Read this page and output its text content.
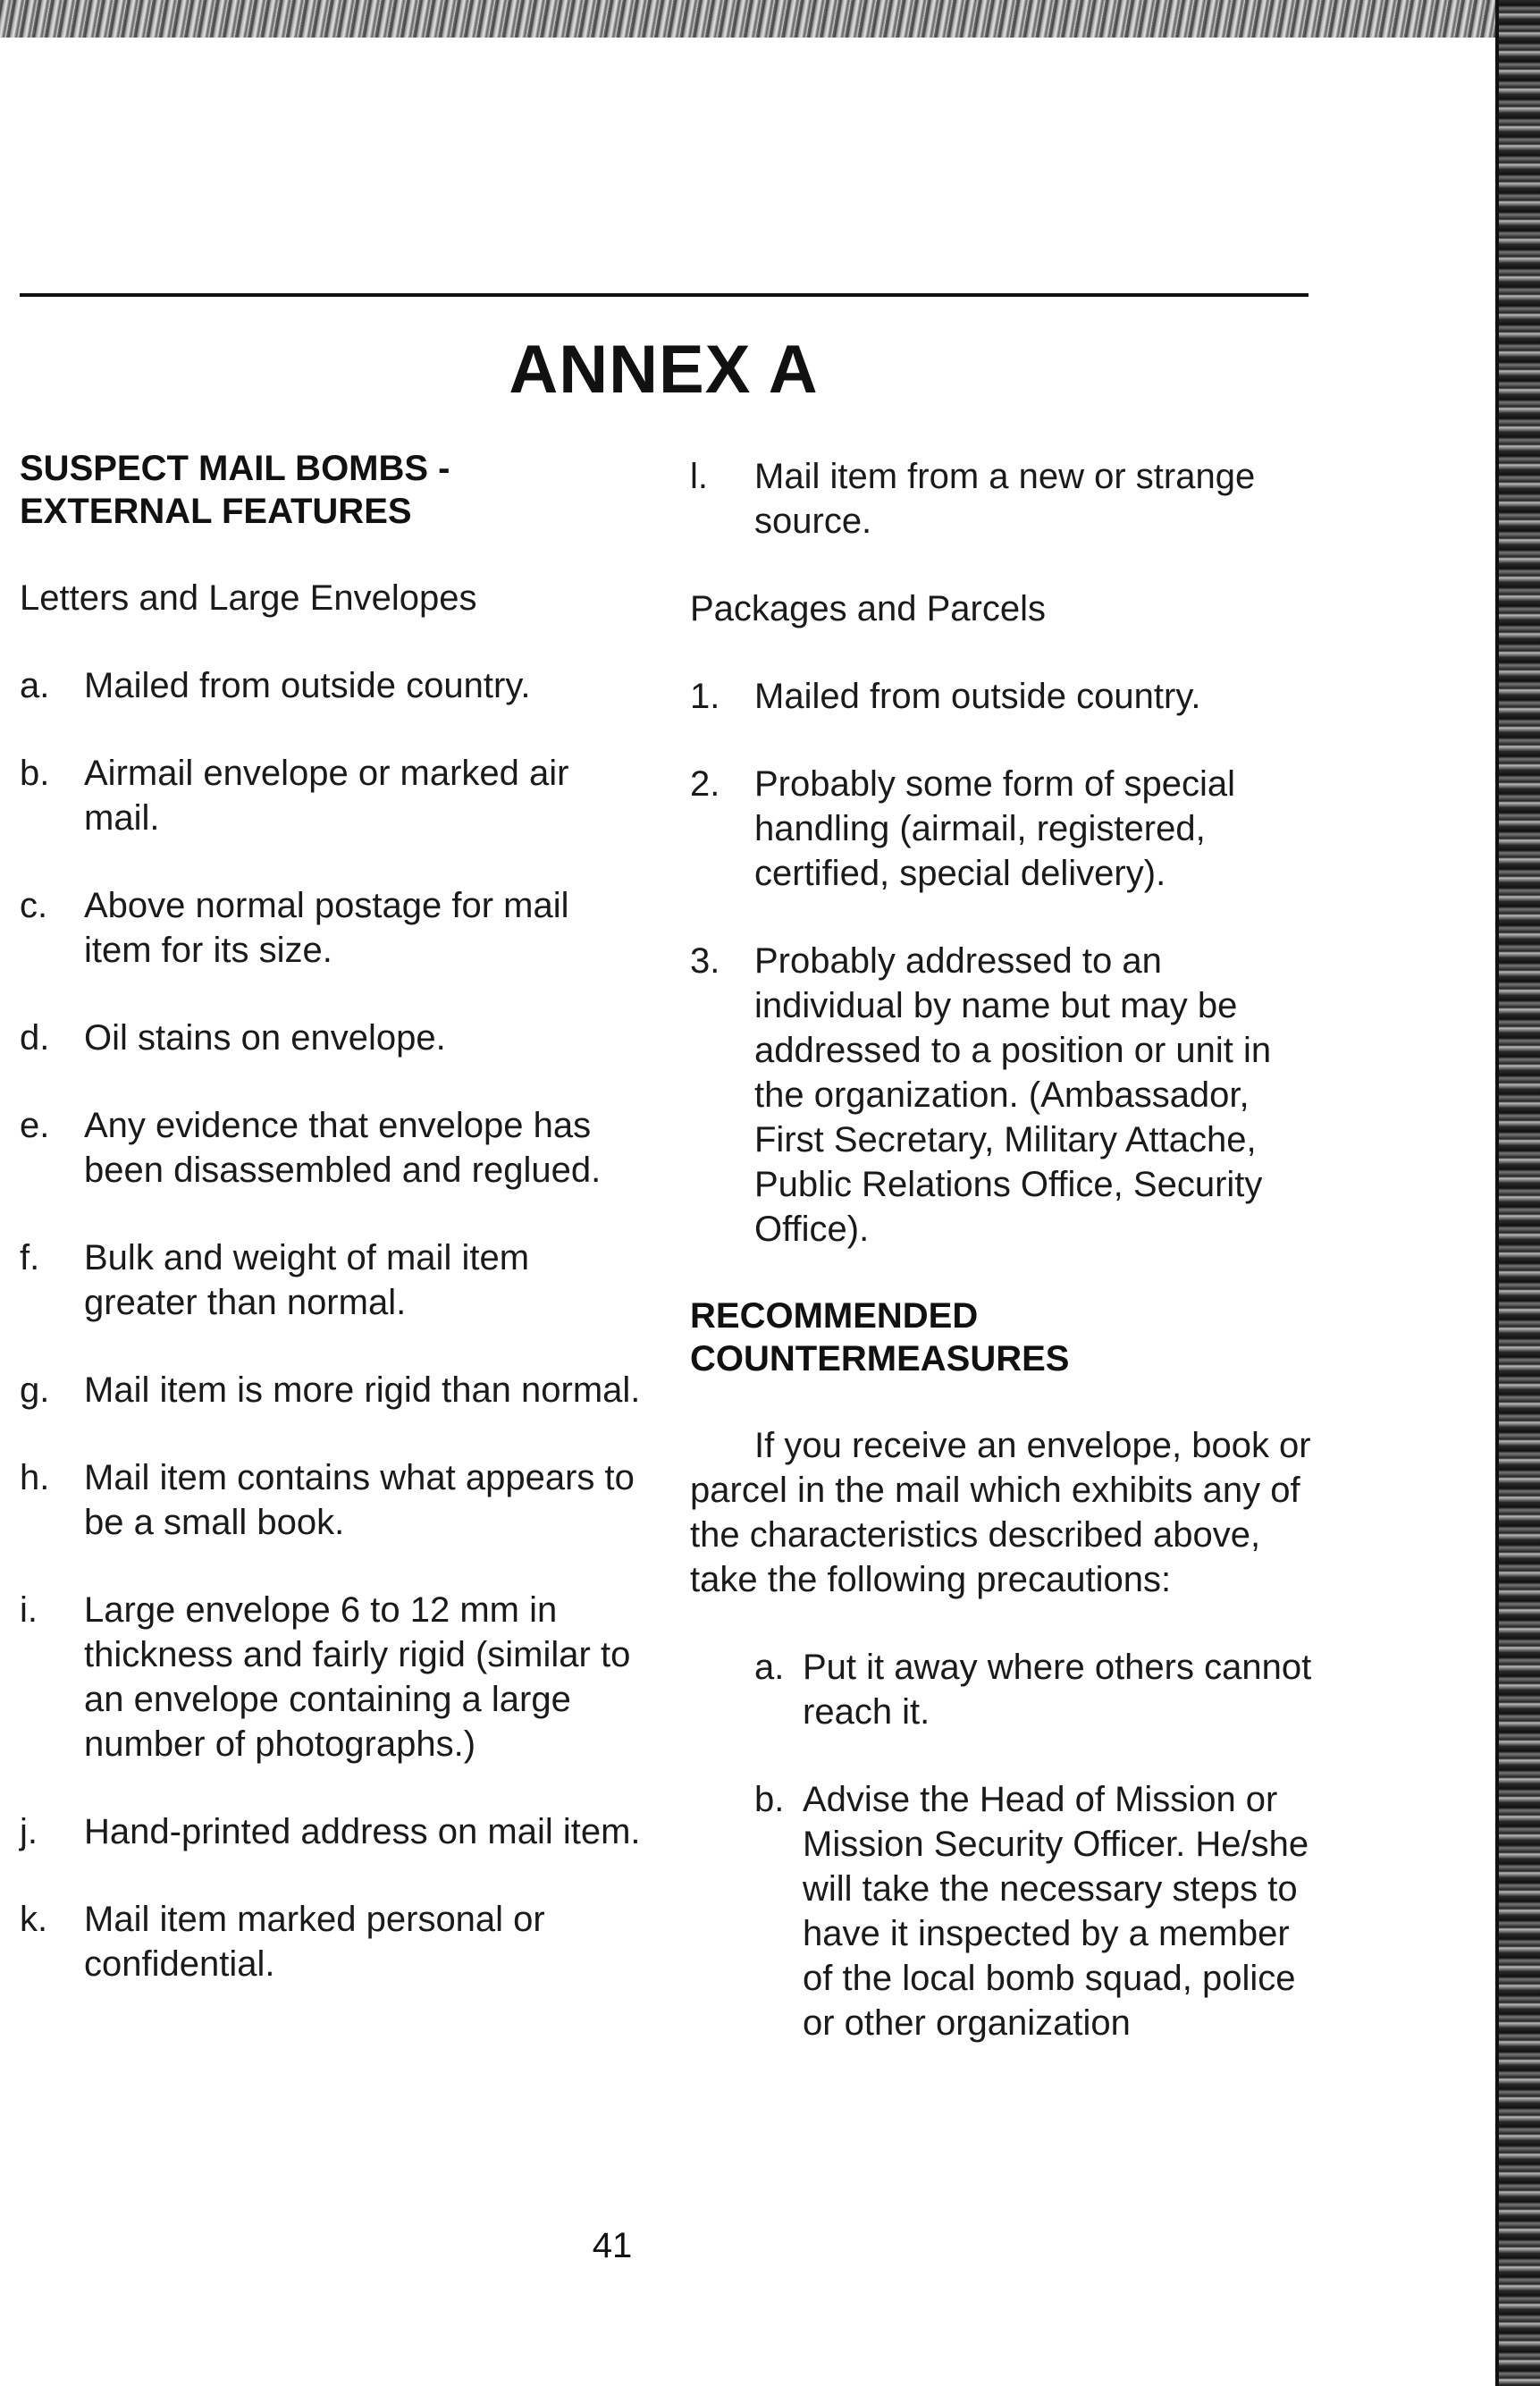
ANNEX A

SUSPECT MAIL BOMBS -
EXTERNAL FEATURES

Letters and Large Envelopes

a. Mailed from outside country.
b. Airmail envelope or marked air mail.
c.	Above normal postage for mail item for its size.
d. Oil stains on envelope.
e. Any evidence that envelope has been disassembled and reglued.
f.	Bulk and weight of mail item greater than normal.
g. Mail item is more rigid than normal.
h. Mail item contains what appears to be a small book.
i.	Large envelope 6 to 12 mm in thickness and fairly rigid (similar to an envelope containing a large number of photographs.)
j.	Hand-printed address on mail item.
k.	Mail item marked personal or confidential.
l.	Mail item from a new or strange source.

Packages and Parcels

1. Mailed from outside country.
2. Probably some form of special handling (airmail, registered, certified, special delivery).
3. Probably addressed to an individual by name but may be addressed to a position or unit in the organization. (Ambassador, First Secretary, Military Attache, Public Relations Office, Security Office).

RECOMMENDED
COUNTERMEASURES

If you receive an envelope, book or parcel in the mail which exhibits any of the characteristics described above, take the following precautions:

a. Put it away where others cannot reach it.
b. Advise the Head of Mission or Mission Security Officer. He/she will take the necessary steps to have it inspected by a member of the local bomb squad, police or other organization
41
